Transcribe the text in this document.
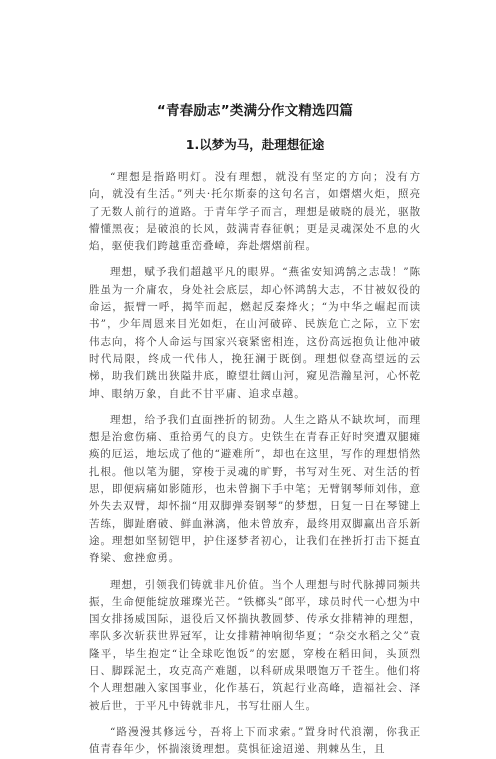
“青春励志”类满分作文精选四篇
1.以梦为马，赴理想征途

“理想是指路明灯。没有理想，就没有坚定的方向；没有方向，就没有生活。”列夫·托尔斯泰的这句名言，如熠熠火炬，照亮了无数人前行的道路。于青年学子而言，理想是破晓的晨光，驱散懵懂黑夜；是破浪的长风，鼓满青春征帆；更是灵魂深处不息的火焰，驱使我们跨越重峦叠嶂，奔赴熠熠前程。

理想，赋予我们超越平凡的眼界。“燕雀安知鸿鹄之志哉！”陈胜虽为一介庸农，身处社会底层，却心怀鸿鹄大志，不甘被奴役的命运，振臂一呼，揭竿而起，燃起反秦烽火；“为中华之崛起而读书”，少年周恩来目光如炬，在山河破碎、民族危亡之际，立下宏伟志向，将个人命运与国家兴衰紧密相连，这份高远抱负让他冲破时代局限，终成一代伟人，挽狂澜于既倒。理想似登高望远的云梯，助我们跳出狭隘井底，瞭望壮阔山河，窥见浩瀚星河，心怀乾坤、眼纳万象，自此不甘平庸、追求卓越。

理想，给予我们直面挫折的韧劲。人生之路从不缺坎坷，而理想是治愈伤痛、重拾勇气的良方。史铁生在青春正好时突遭双腿瘫痪的厄运，地坛成了他的“避难所”，却也在这里，写作的理想悄然扎根。他以笔为腿，穿梭于灵魂的旷野，书写对生死、对生活的哲思，即便病痛如影随形，也未曾搁下手中笔；无臂钢琴师刘伟，意外失去双臂，却怀揣“用双脚弹奏钢琴”的梦想，日复一日在琴键上苦练，脚趾磨破、鲜血淋漓，他未曾放弃，最终用双脚赢出音乐新途。理想如坚韧铠甲，护住逐梦者初心，让我们在挫折打击下挺直脊梁、愈挫愈勇。

理想，引领我们铸就非凡价值。当个人理想与时代脉搏同频共振，生命便能绽放璀璨光芒。“铁榔头”郎平，球员时代一心想为中国女排扬威国际，退役后又怀揣执教圆梦、传承女排精神的理想，率队多次斩获世界冠军，让女排精神响彻华夏；“杂交水稻之父”袁隆平，毕生抱定“让全球吃饱饭”的宏愿，穿梭在稻田间，头顶烈日、脚踩泥土，攻克高产难题，以科研成果喂饱万千苍生。他们将个人理想融入家国事业，化作基石，筑起行业高峰，造福社会、泽被后世，于平凡中铸就非凡，书写壮丽人生。

“路漫漫其修远兮，吾将上下而求索。”置身时代浪潮，你我正值青春年少，怀揣滚烫理想。莫惧征途迢递、荆棘丛生，且
